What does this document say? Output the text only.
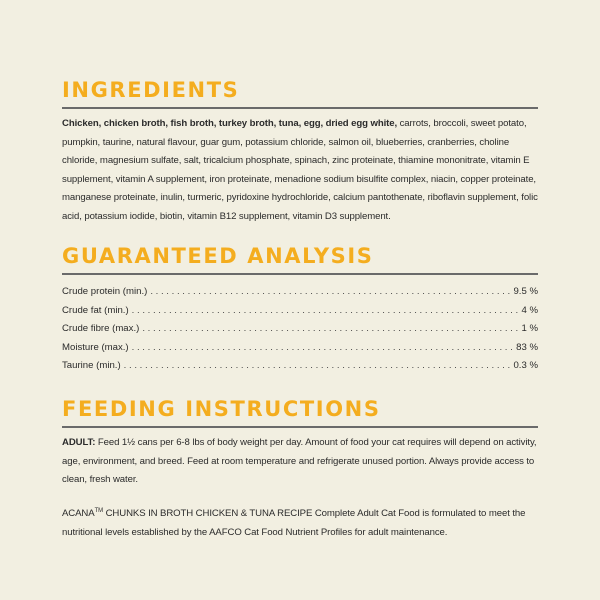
INGREDIENTS
Chicken, chicken broth, fish broth, turkey broth, tuna, egg, dried egg white, carrots, broccoli, sweet potato, pumpkin, taurine, natural flavour, guar gum, potassium chloride, salmon oil, blueberries, cranberries, choline chloride, magnesium sulfate, salt, tricalcium phosphate, spinach, zinc proteinate, thiamine mononitrate, vitamin E supplement, vitamin A supplement, iron proteinate, menadione sodium bisulfite complex, niacin, copper proteinate, manganese proteinate, inulin, turmeric, pyridoxine hydrochloride, calcium pantothenate, riboflavin supplement, folic acid, potassium iodide, biotin, vitamin B12 supplement, vitamin D3 supplement.
GUARANTEED ANALYSIS
Crude protein (min.) . . .	9.5 %
Crude fat (min.) . . .	4 %
Crude fibre (max.) . . .	1 %
Moisture (max.) . . .	83 %
Taurine (min.) . . .	0.3 %
FEEDING INSTRUCTIONS

ADULT: Feed 1½ cans per 6-8 lbs of body weight per day. Amount of food your cat requires will depend on activity, age, environment, and breed. Feed at room temperature and refrigerate unused portion. Always provide access to clean, fresh water.

ACANA™ CHUNKS IN BROTH CHICKEN & TUNA RECIPE Complete Adult Cat Food is formulated to meet the nutritional levels established by the AAFCO Cat Food Nutrient Profiles for adult maintenance.
